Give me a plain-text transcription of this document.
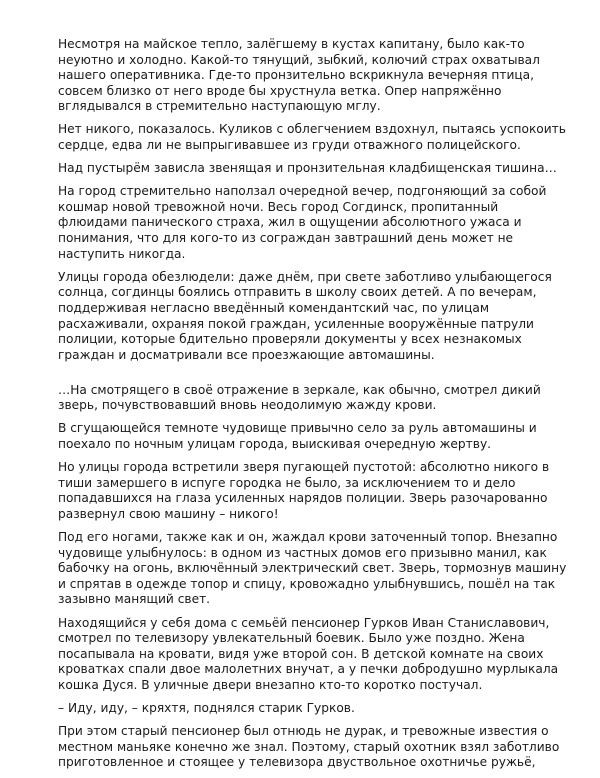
Несмотря на майское тепло, залёгшему в кустах капитану, было как-то неуютно и холодно. Какой-то тянущий, зыбкий, колючий страх охватывал нашего оперативника. Где-то пронзительно вскрикнула вечерняя птица, совсем близко от него вроде бы хрустнула ветка. Опер напряжённо вглядывался в стремительно наступающую мглу.

Нет никого, показалось. Куликов с облегчением вздохнул, пытаясь успокоить сердце, едва ли не выпрыгивавшее из груди отважного полицейского.

Над пустырём зависла звенящая и пронзительная кладбищенская тишина…

На город стремительно наползал очередной вечер, подгоняющий за собой кошмар новой тревожной ночи. Весь город Согдинск, пропитанный флюидами панического страха, жил в ощущении абсолютного ужаса и понимания, что для кого-то из сограждан завтрашний день может не наступить никогда.

Улицы города обезлюдели: даже днём, при свете заботливо улыбающегося солнца, согдинцы боялись отправить в школу своих детей. А по вечерам, поддерживая негласно введённый комендантский час, по улицам расхаживали, охраняя покой граждан, усиленные вооружённые патрули полиции, которые бдительно проверяли документы у всех незнакомых граждан и досматривали все проезжающие автомашины.

…На смотрящего в своё отражение в зеркале, как обычно, смотрел дикий зверь, почувствовавший вновь неодолимую жажду крови.

В сгущающейся темноте чудовище привычно село за руль автомашины и поехало по ночным улицам города, выискивая очередную жертву.

Но улицы города встретили зверя пугающей пустотой: абсолютно никого в тиши замершего в испуге городка не было, за исключением то и дело попадавшихся на глаза усиленных нарядов полиции. Зверь разочарованно развернул свою машину – никого!

Под его ногами, также как и он, жаждал крови заточенный топор. Внезапно чудовище улыбнулось: в одном из частных домов его призывно манил, как бабочку на огонь, включённый электрический свет. Зверь, тормознув машину и спрятав в одежде топор и спицу, кровожадно улыбнувшись, пошёл на так зазывно манящий свет.

Находящийся у себя дома с семьёй пенсионер Гурков Иван Станиславович, смотрел по телевизору увлекательный боевик. Было уже поздно. Жена посапывала на кровати, видя уже второй сон. В детской комнате на своих кроватках спали двое малолетних внучат, а у печки добродушно мурлыкала кошка Дуся. В уличные двери внезапно кто-то коротко постучал.

– Иду, иду, – кряхтя, поднялся старик Гурков.

При этом старый пенсионер был отнюдь не дурак, и тревожные известия о местном маньяке конечно же знал. Поэтому, старый охотник взял заботливо приготовленное и стоящее у телевизора двуствольное охотничье ружьё,
